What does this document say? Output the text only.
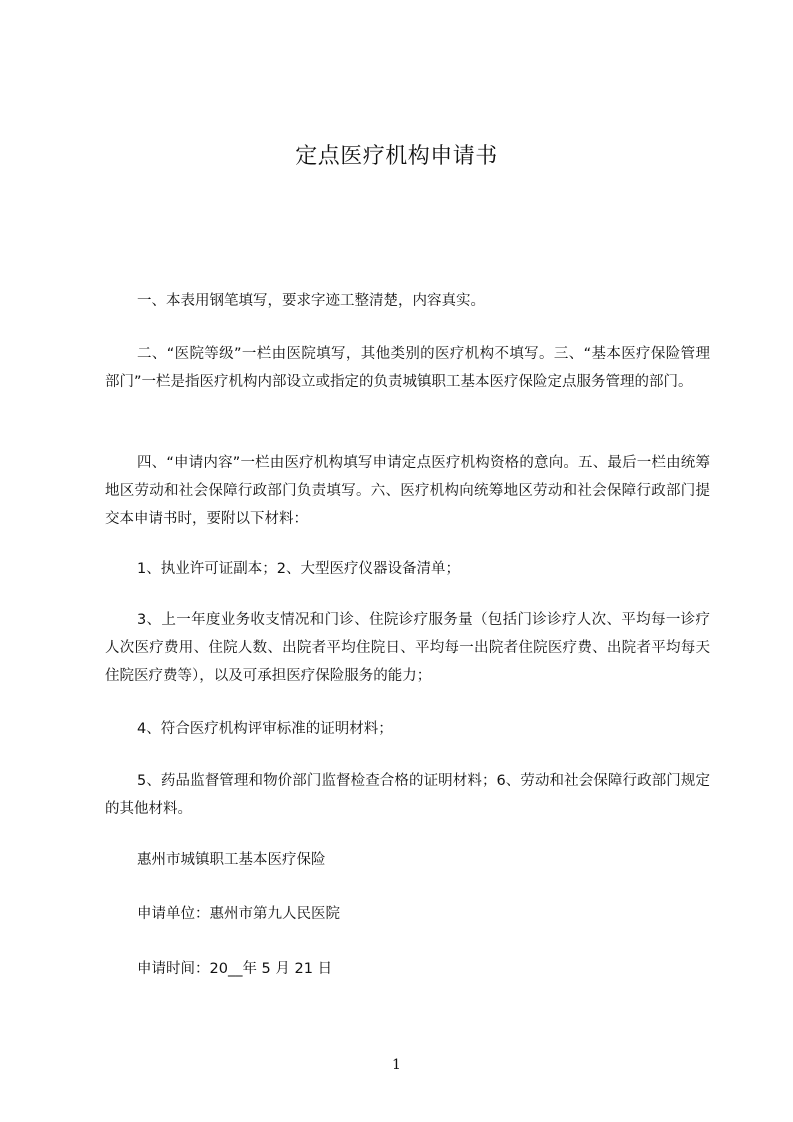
定点医疗机构申请书

一、本表用钢笔填写，要求字迹工整清楚，内容真实。

二、“医院等级”一栏由医院填写，其他类别的医疗机构不填写。三、“基本医疗保险管理部门”一栏是指医疗机构内部设立或指定的负责城镇职工基本医疗保险定点服务管理的部门。

四、“申请内容”一栏由医疗机构填写申请定点医疗机构资格的意向。五、最后一栏由统筹地区劳动和社会保障行政部门负责填写。六、医疗机构向统筹地区劳动和社会保障行政部门提交本申请书时，要附以下材料：

1、执业许可证副本；2、大型医疗仪器设备清单；

3、上一年度业务收支情况和门诊、住院诊疗服务量（包括门诊诊疗人次、平均每一诊疗人次医疗费用、住院人数、出院者平均住院日、平均每一出院者住院医疗费、出院者平均每天住院医疗费等），以及可承担医疗保险服务的能力；

4、符合医疗机构评审标准的证明材料；

5、药品监督管理和物价部门监督检查合格的证明材料；6、劳动和社会保障行政部门规定的其他材料。

惠州市城镇职工基本医疗保险

申请单位：惠州市第九人民医院

申请时间：20__年 5 月 21 日

1
